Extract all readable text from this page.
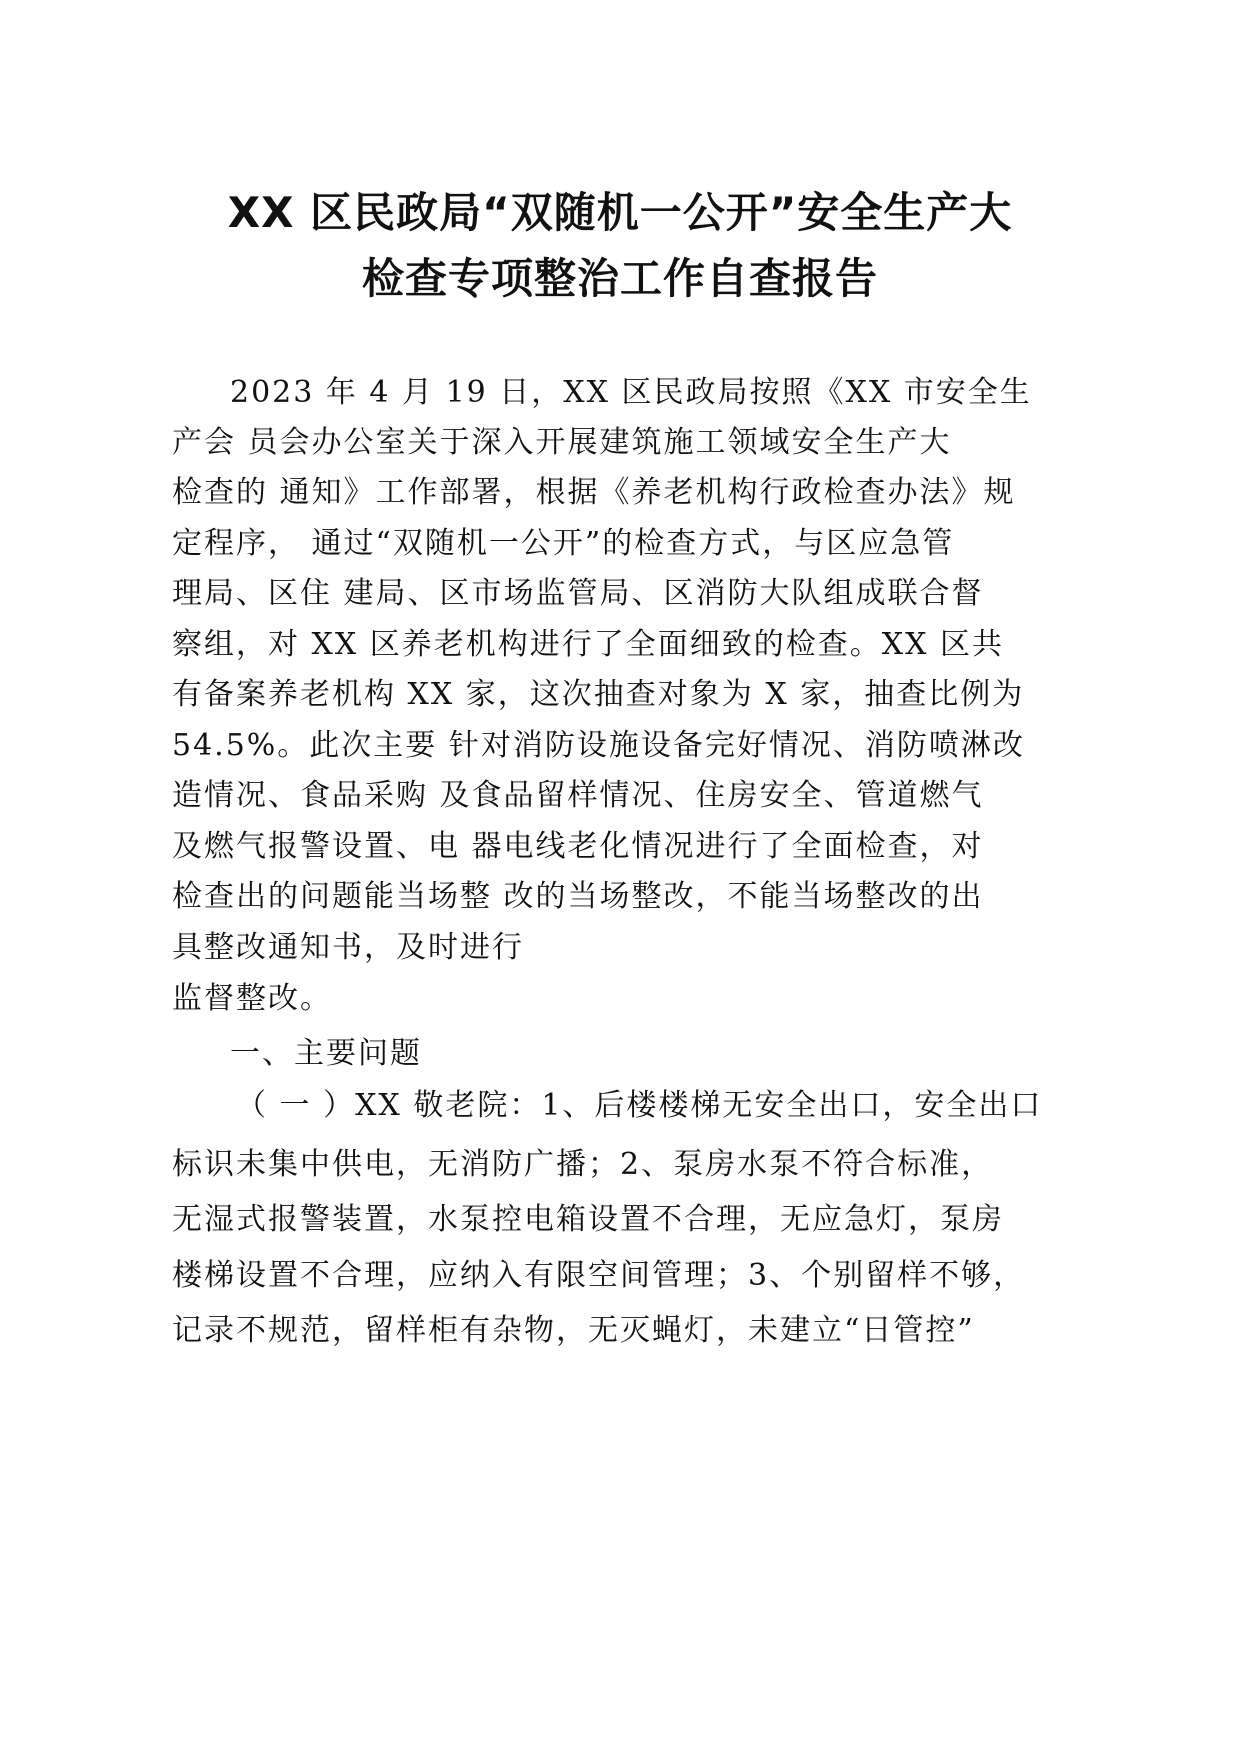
XX 区民政局“双随机一公开”安全生产大
检查专项整治工作自查报告

2023 年 4 月 19 日，XX 区民政局按照《XX 市安全生

产会 员会办公室关于深入开展建筑施工领域安全生产大

检查的 通知》工作部署，根据《养老机构行政检查办法》规

定程序， 通过“双随机一公开”的检查方式，与区应急管

理局、区住 建局、区市场监管局、区消防大队组成联合督

察组，对 XX 区养老机构进行了全面细致的检查。XX 区共

有备案养老机构 XX 家，这次抽查对象为 X 家，抽查比例为

54.5%。此次主要 针对消防设施设备完好情况、消防喷淋改

造情况、食品采购 及食品留样情况、住房安全、管道燃气

及燃气报警设置、电 器电线老化情况进行了全面检查，对

检查出的问题能当场整 改的当场整改，不能当场整改的出

具整改通知书，及时进行

监督整改。

一、主要问题

（ 一 ）XX 敬老院：1、后楼楼梯无安全出口，安全出口

标识未集中供电，无消防广播；2、泵房水泵不符合标准，

无湿式报警装置，水泵控电箱设置不合理，无应急灯，泵房

楼梯设置不合理，应纳入有限空间管理；3、个别留样不够，

记录不规范，留样柜有杂物，无灭蝇灯，未建立“日管控”
